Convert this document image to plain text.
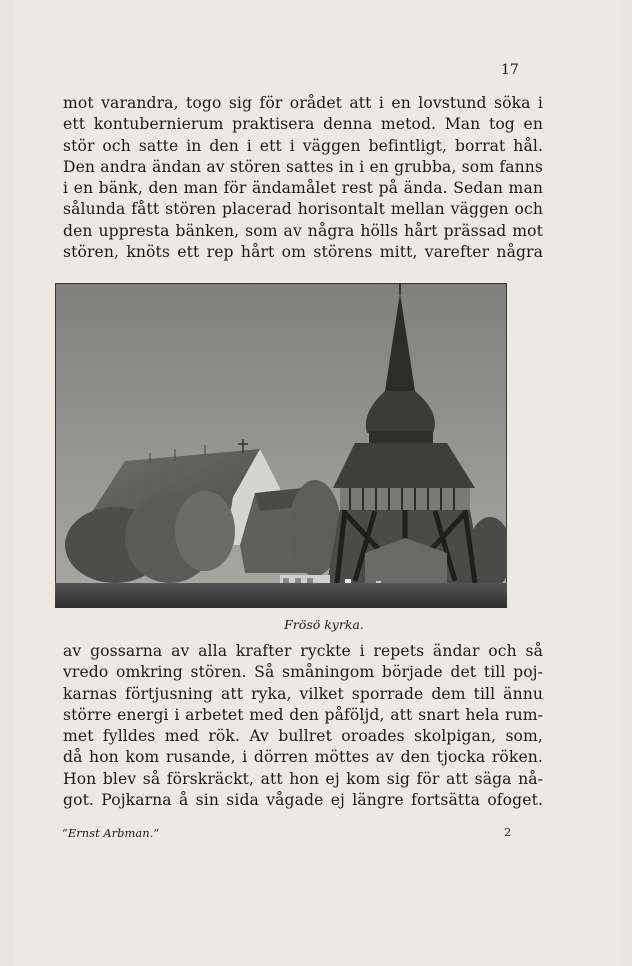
17

mot varandra, togo sig för orådet att i en lovstund söka i
ett kontubernierum praktisera denna metod. Man tog en
stör och satte in den i ett i väggen befintligt, borrat hål.
Den andra ändan av stören sattes in i en grubba, som fanns
i en bänk, den man för ändamålet rest på ända. Sedan man
sålunda fått stören placerad horisontalt mellan väggen och
den uppresta bänken, som av några hölls hårt prässad mot
stören, knöts ett rep hårt om störens mitt, varefter några

Frösö kyrka.

av gossarna av alla krafter ryckte i repets ändar och så
vredo omkring stören. Så småningom började det till poj-
karnas förtjusning att ryka, vilket sporrade dem till ännu
större energi i arbetet med den påföljd, att snart hela rum-
met fylldes med rök. Av bullret oroades skolpigan, som,
då hon kom rusande, i dörren möttes av den tjocka röken.
Hon blev så förskräckt, att hon ej kom sig för att säga nå-
got. Pojkarna å sin sida vågade ej längre fortsätta ofoget.

“Ernst Arbman.“	2
